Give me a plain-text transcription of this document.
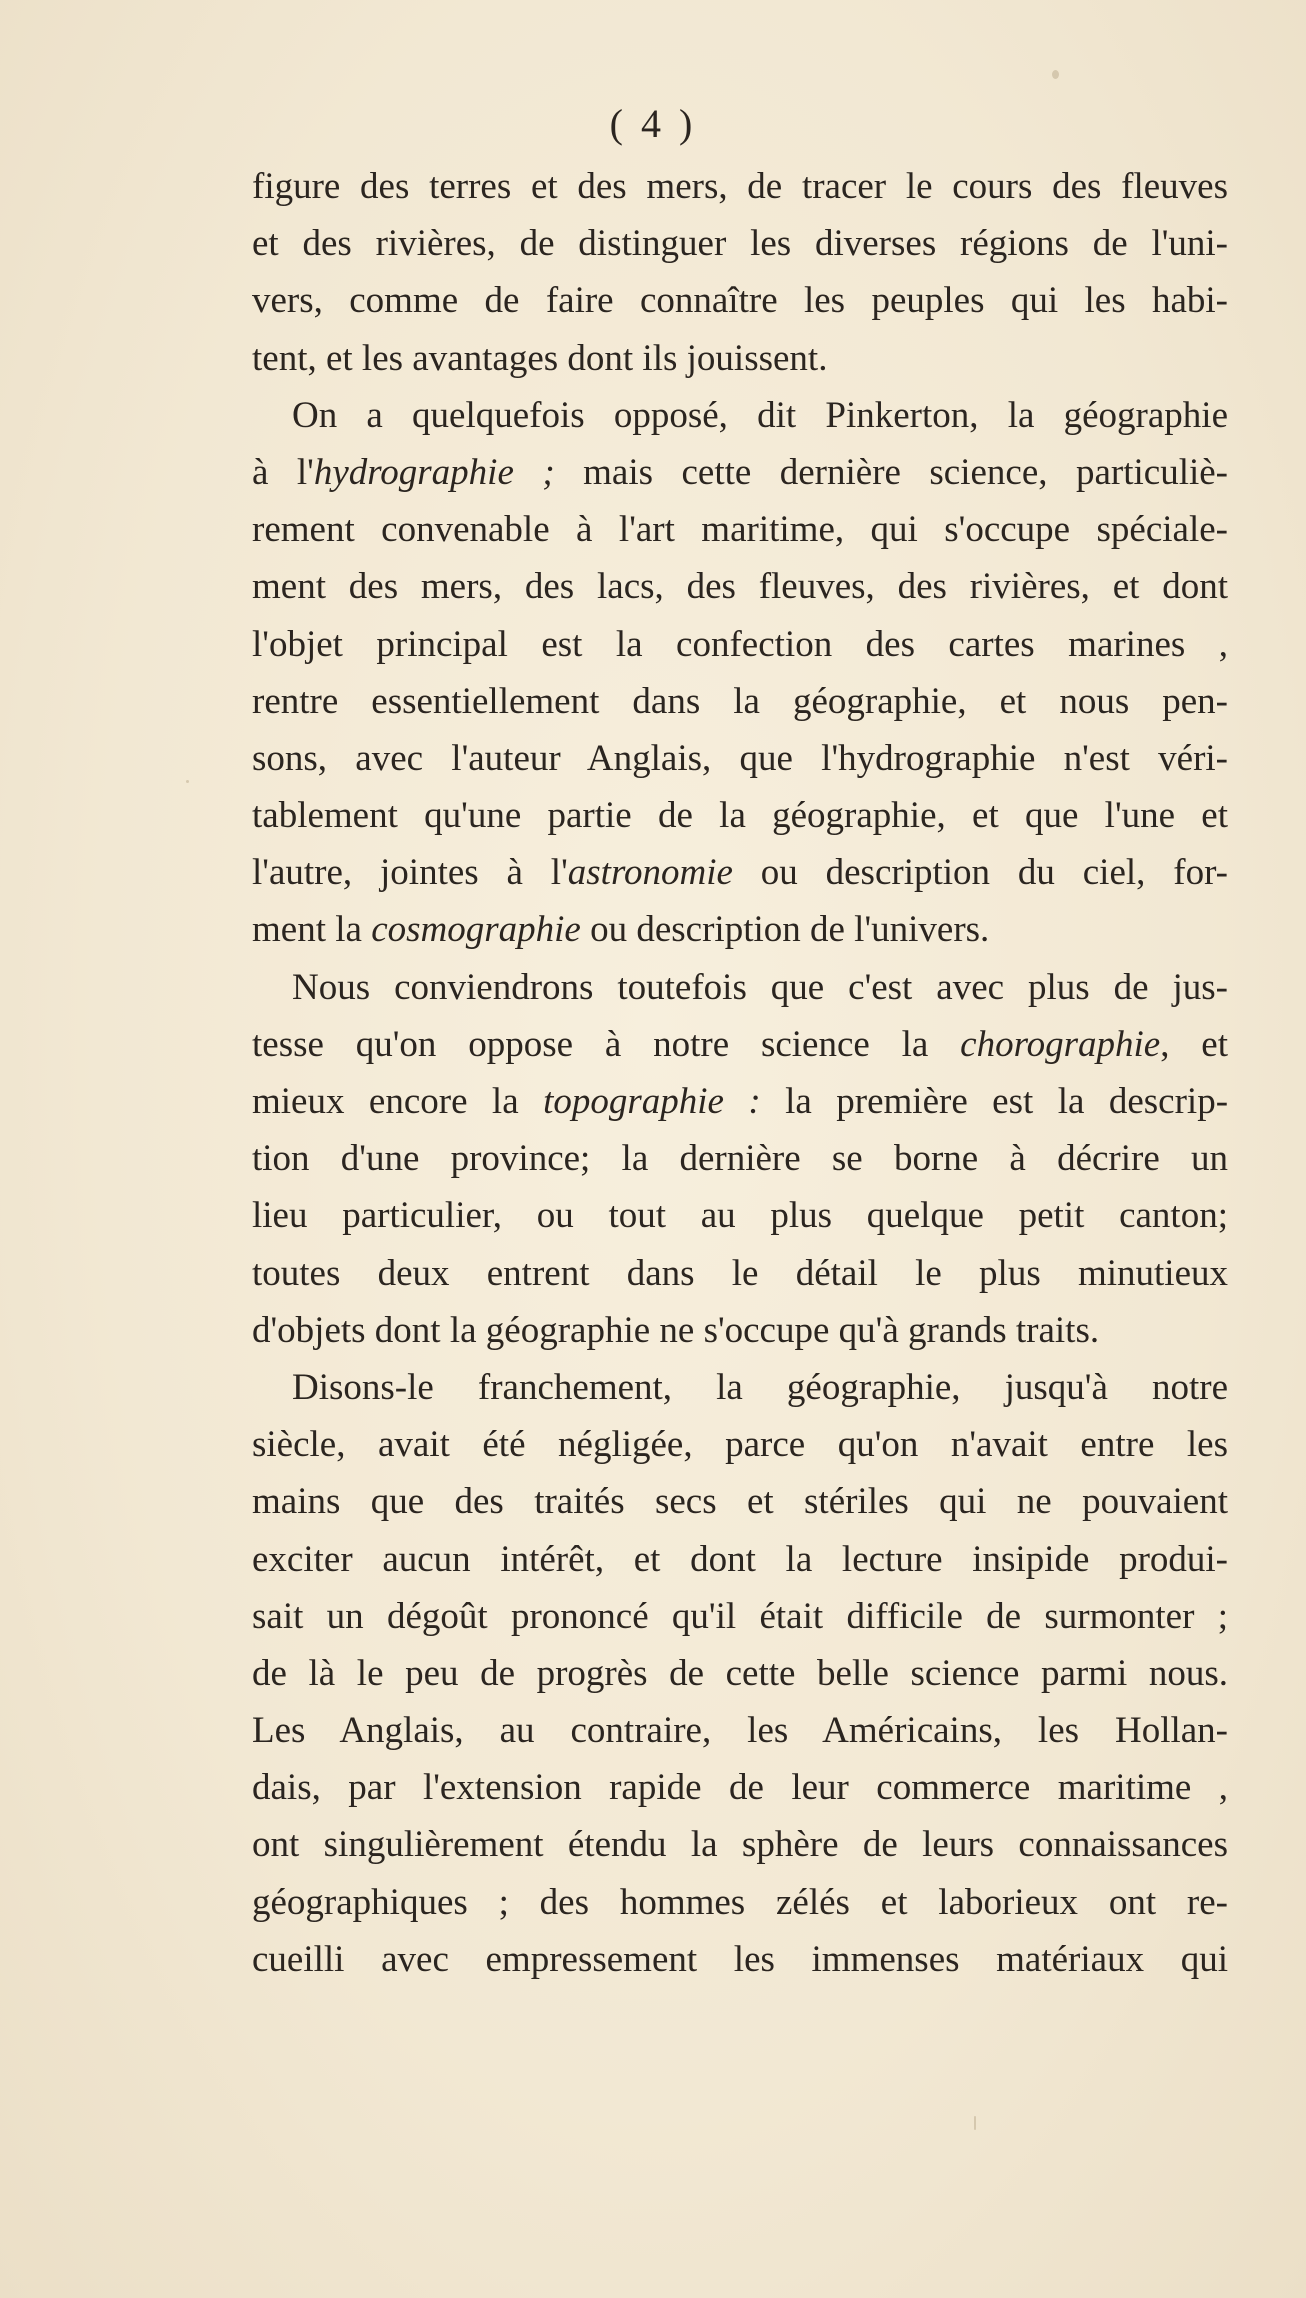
( 4 )
figure des terres et des mers, de tracer le cours des fleuves
et des rivières, de distinguer les diverses régions de l'uni-
vers, comme de faire connaître les peuples qui les habi-
tent, et les avantages dont ils jouissent.
On a quelquefois opposé, dit Pinkerton, la géographie
à l'hydrographie ; mais cette dernière science, particuliè-
rement convenable à l'art maritime, qui s'occupe spéciale-
ment des mers, des lacs, des fleuves, des rivières, et dont
l'objet principal est la confection des cartes marines ,
rentre essentiellement dans la géographie, et nous pen-
sons, avec l'auteur Anglais, que l'hydrographie n'est véri-
tablement qu'une partie de la géographie, et que l'une et
l'autre, jointes à l'astronomie ou description du ciel, for-
ment la cosmographie ou description de l'univers.
Nous conviendrons toutefois que c'est avec plus de jus-
tesse qu'on oppose à notre science la chorographie, et
mieux encore la topographie : la première est la descrip-
tion d'une province; la dernière se borne à décrire un
lieu particulier, ou tout au plus quelque petit canton;
toutes deux entrent dans le détail le plus minutieux
d'objets dont la géographie ne s'occupe qu'à grands traits.
Disons-le franchement, la géographie, jusqu'à notre
siècle, avait été négligée, parce qu'on n'avait entre les
mains que des traités secs et stériles qui ne pouvaient
exciter aucun intérêt, et dont la lecture insipide produi-
sait un dégoût prononcé qu'il était difficile de surmonter ;
de là le peu de progrès de cette belle science parmi nous.
Les Anglais, au contraire, les Américains, les Hollan-
dais, par l'extension rapide de leur commerce maritime ,
ont singulièrement étendu la sphère de leurs connaissances
géographiques ; des hommes zélés et laborieux ont re-
cueilli avec empressement les immenses matériaux qui
